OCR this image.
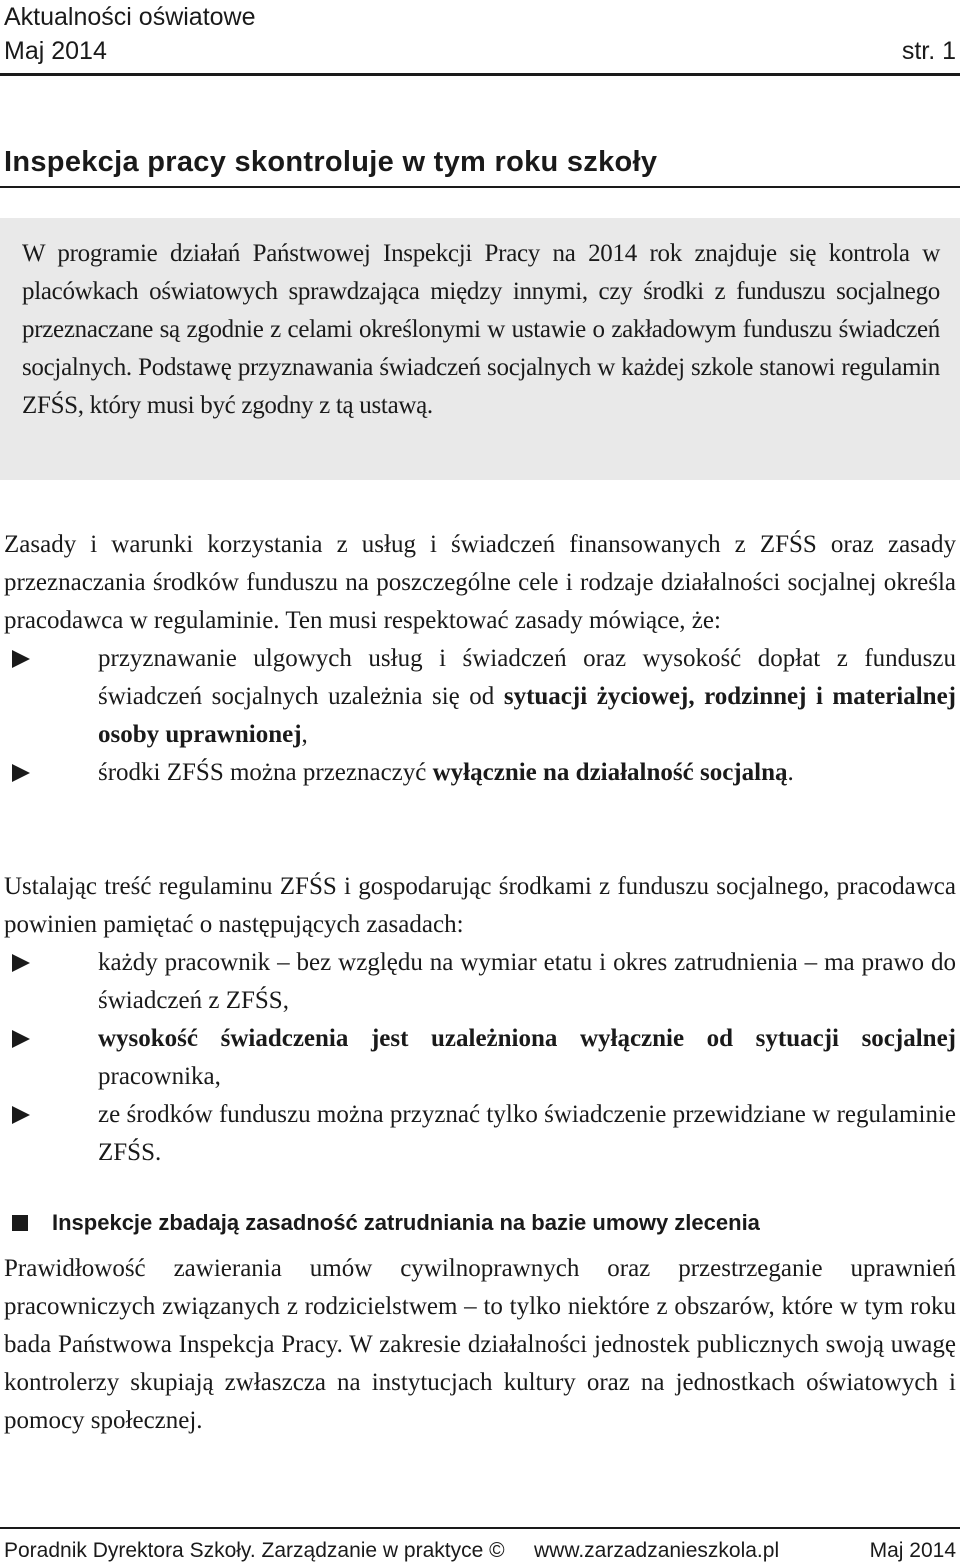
Aktualności oświatowe
Maj 2014	str. 1
Inspekcja pracy skontroluje w tym roku szkoły

W programie działań Państwowej Inspekcji Pracy na 2014 rok znajduje się kontrola w placówkach oświatowych sprawdzająca między innymi, czy środki z funduszu socjalnego przeznaczane są zgodnie z celami określonymi w ustawie o zakładowym funduszu świadczeń socjalnych. Podstawę przyznawania świadczeń socjalnych w każdej szkole stanowi regulamin ZFŚS, który musi być zgodny z tą ustawą.

Zasady i warunki korzystania z usług i świadczeń finansowanych z ZFŚS oraz zasady przeznaczania środków funduszu na poszczególne cele i rodzaje działalności socjalnej określa pracodawca w regulaminie. Ten musi respektować zasady mówiące, że:

przyznawanie ulgowych usług i świadczeń oraz wysokość dopłat z funduszu świadczeń socjalnych uzależnia się od sytuacji życiowej, rodzinnej i materialnej osoby uprawnionej,
środki ZFŚS można przeznaczyć wyłącznie na działalność socjalną.

Ustalając treść regulaminu ZFŚS i gospodarując środkami z funduszu socjalnego, pracodawca powinien pamiętać o następujących zasadach:

każdy pracownik – bez względu na wymiar etatu i okres zatrudnienia – ma prawo do świadczeń z ZFŚS,
wysokość świadczenia jest uzależniona wyłącznie od sytuacji socjalnej pracownika,
ze środków funduszu można przyznać tylko świadczenie przewidziane w regulaminie ZFŚS.
Inspekcje zbadają zasadność zatrudniania na bazie umowy zlecenia

Prawidłowość zawierania umów cywilnoprawnych oraz przestrzeganie uprawnień pracowniczych związanych z rodzicielstwem – to tylko niektóre z obszarów, które w tym roku bada Państwowa Inspekcja Pracy. W zakresie działalności jednostek publicznych swoją uwagę kontrolerzy skupiają zwłaszcza na instytucjach kultury oraz na jednostkach oświatowych i pomocy społecznej.

Poradnik Dyrektora Szkoły. Zarządzanie w praktyce © www.zarzadzanieszkola.pl	Maj 2014
